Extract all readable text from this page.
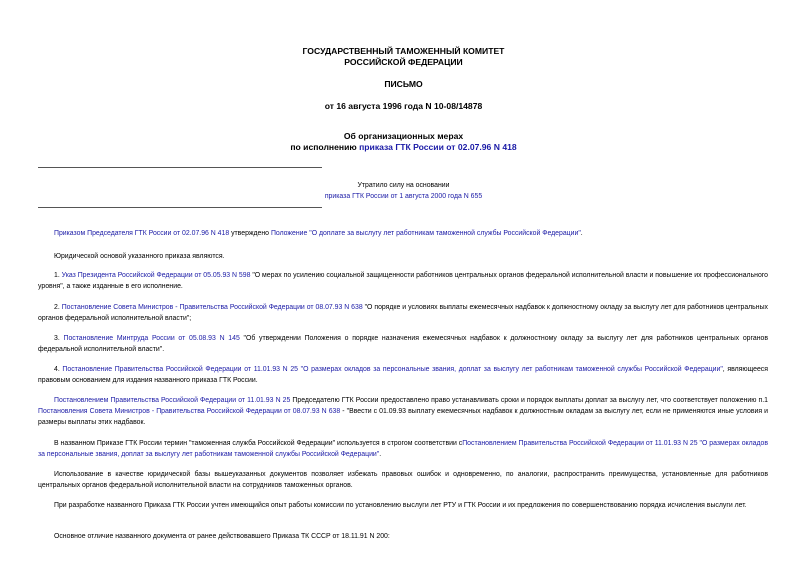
ГОСУДАРСТВЕННЫЙ ТАМОЖЕННЫЙ КОМИТЕТ
РОССИЙСКОЙ ФЕДЕРАЦИИ
ПИСЬМО
от 16 августа 1996 года N 10-08/14878
Об организационных мерах
по исполнению приказа ГТК России от 02.07.96 N 418
Утратило силу на основании
приказа ГТК России от 1 августа 2000 года N 655
Приказом Председателя ГТК России от 02.07.96 N 418 утверждено Положение "О доплате за выслугу лет работникам таможенной службы Российской Федерации".
Юридической основой указанного приказа являются.
1. Указ Президента Российской Федерации от 05.05.93 N 598 "О мерах по усилению социальной защищенности работников центральных органов федеральной исполнительной власти и повышение их профессионального уровня", а также изданные в его исполнение.
2. Постановление Совета Министров - Правительства Российской Федерации от 08.07.93 N 638 "О порядке и условиях выплаты ежемесячных надбавок к должностному окладу за выслугу лет для работников центральных органов федеральной исполнительной власти";
3. Постановление Минтруда России от 05.08.93 N 145 "Об утверждении Положения о порядке назначения ежемесячных надбавок к должностному окладу за выслугу лет для работников центральных органов федеральной исполнительной власти".
4. Постановление Правительства Российской Федерации от 11.01.93 N 25 "О размерах окладов за персональные звания, доплат за выслугу лет работникам таможенной службы Российской Федерации", являющееся правовым основанием для издания названного приказа ГТК России.
Постановлением Правительства Российской Федерации от 11.01.93 N 25 Председателю ГТК России предоставлено право устанавливать сроки и порядок выплаты доплат за выслугу лет, что соответствует положению п.1 Постановления Совета Министров - Правительства Российской Федерации от 08.07.93 N 638 - "Ввести с 01.09.93 выплату ежемесячных надбавок к должностным окладам за выслугу лет, если не применяются иные условия и размеры выплаты этих надбавок.
В названном Приказе ГТК России термин "таможенная служба Российской Федерации" используется в строгом соответствии сПостановлением Правительства Российской Федерации от 11.01.93 N 25 "О размерах окладов за персональные звания, доплат за выслугу лет работникам таможенной службы Российской Федерации".
Использование в качестве юридической базы вышеуказанных документов позволяет избежать правовых ошибок и одновременно, по аналогии, распространить преимущества, установленные для работников центральных органов федеральной исполнительной власти на сотрудников таможенных органов.
При разработке названного Приказа ГТК России учтен имеющийся опыт работы комиссии по установлению выслуги лет РТУ и ГТК России и их предложения по совершенствованию порядка исчисления выслуги лет.
Основное отличие названного документа от ранее действовавшего Приказа ТК СССР от 18.11.91 N 200:
